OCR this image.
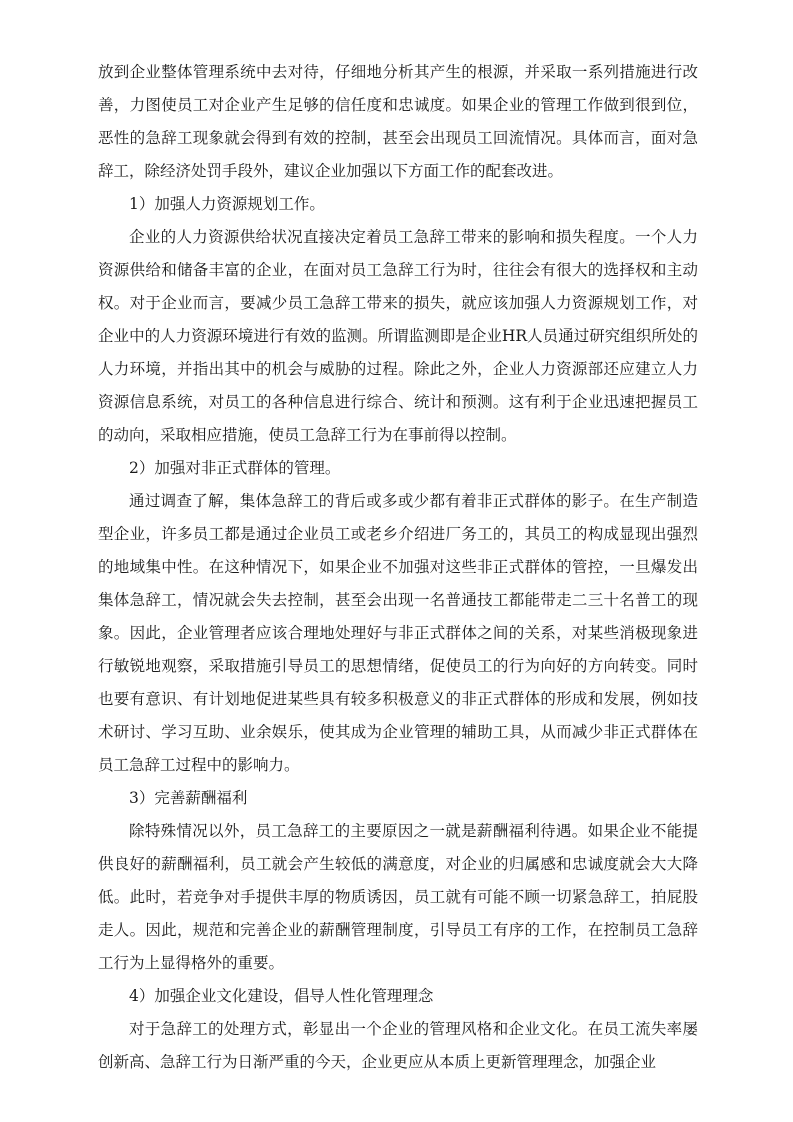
放到企业整体管理系统中去对待，仔细地分析其产生的根源，并采取一系列措施进行改善，力图使员工对企业产生足够的信任度和忠诚度。如果企业的管理工作做到很到位，恶性的急辞工现象就会得到有效的控制，甚至会出现员工回流情况。具体而言，面对急辞工，除经济处罚手段外，建议企业加强以下方面工作的配套改进。

1）加强人力资源规划工作。

企业的人力资源供给状况直接决定着员工急辞工带来的影响和损失程度。一个人力资源供给和储备丰富的企业，在面对员工急辞工行为时，往往会有很大的选择权和主动权。对于企业而言，要减少员工急辞工带来的损失，就应该加强人力资源规划工作，对企业中的人力资源环境进行有效的监测。所谓监测即是企业HR人员通过研究组织所处的人力环境，并指出其中的机会与威胁的过程。除此之外，企业人力资源部还应建立人力资源信息系统，对员工的各种信息进行综合、统计和预测。这有利于企业迅速把握员工的动向，采取相应措施，使员工急辞工行为在事前得以控制。

2）加强对非正式群体的管理。

通过调查了解，集体急辞工的背后或多或少都有着非正式群体的影子。在生产制造型企业，许多员工都是通过企业员工或老乡介绍进厂务工的，其员工的构成显现出强烈的地域集中性。在这种情况下，如果企业不加强对这些非正式群体的管控，一旦爆发出集体急辞工，情况就会失去控制，甚至会出现一名普通技工都能带走二三十名普工的现象。因此，企业管理者应该合理地处理好与非正式群体之间的关系，对某些消极现象进行敏锐地观察，采取措施引导员工的思想情绪，促使员工的行为向好的方向转变。同时也要有意识、有计划地促进某些具有较多积极意义的非正式群体的形成和发展，例如技术研讨、学习互助、业余娱乐，使其成为企业管理的辅助工具，从而减少非正式群体在员工急辞工过程中的影响力。

3）完善薪酬福利

除特殊情况以外，员工急辞工的主要原因之一就是薪酬福利待遇。如果企业不能提供良好的薪酬福利，员工就会产生较低的满意度，对企业的归属感和忠诚度就会大大降低。此时，若竞争对手提供丰厚的物质诱因，员工就有可能不顾一切紧急辞工，拍屁股走人。因此，规范和完善企业的薪酬管理制度，引导员工有序的工作，在控制员工急辞工行为上显得格外的重要。

4）加强企业文化建设，倡导人性化管理理念

对于急辞工的处理方式，彰显出一个企业的管理风格和企业文化。在员工流失率屡创新高、急辞工行为日渐严重的今天，企业更应从本质上更新管理理念，加强企业
